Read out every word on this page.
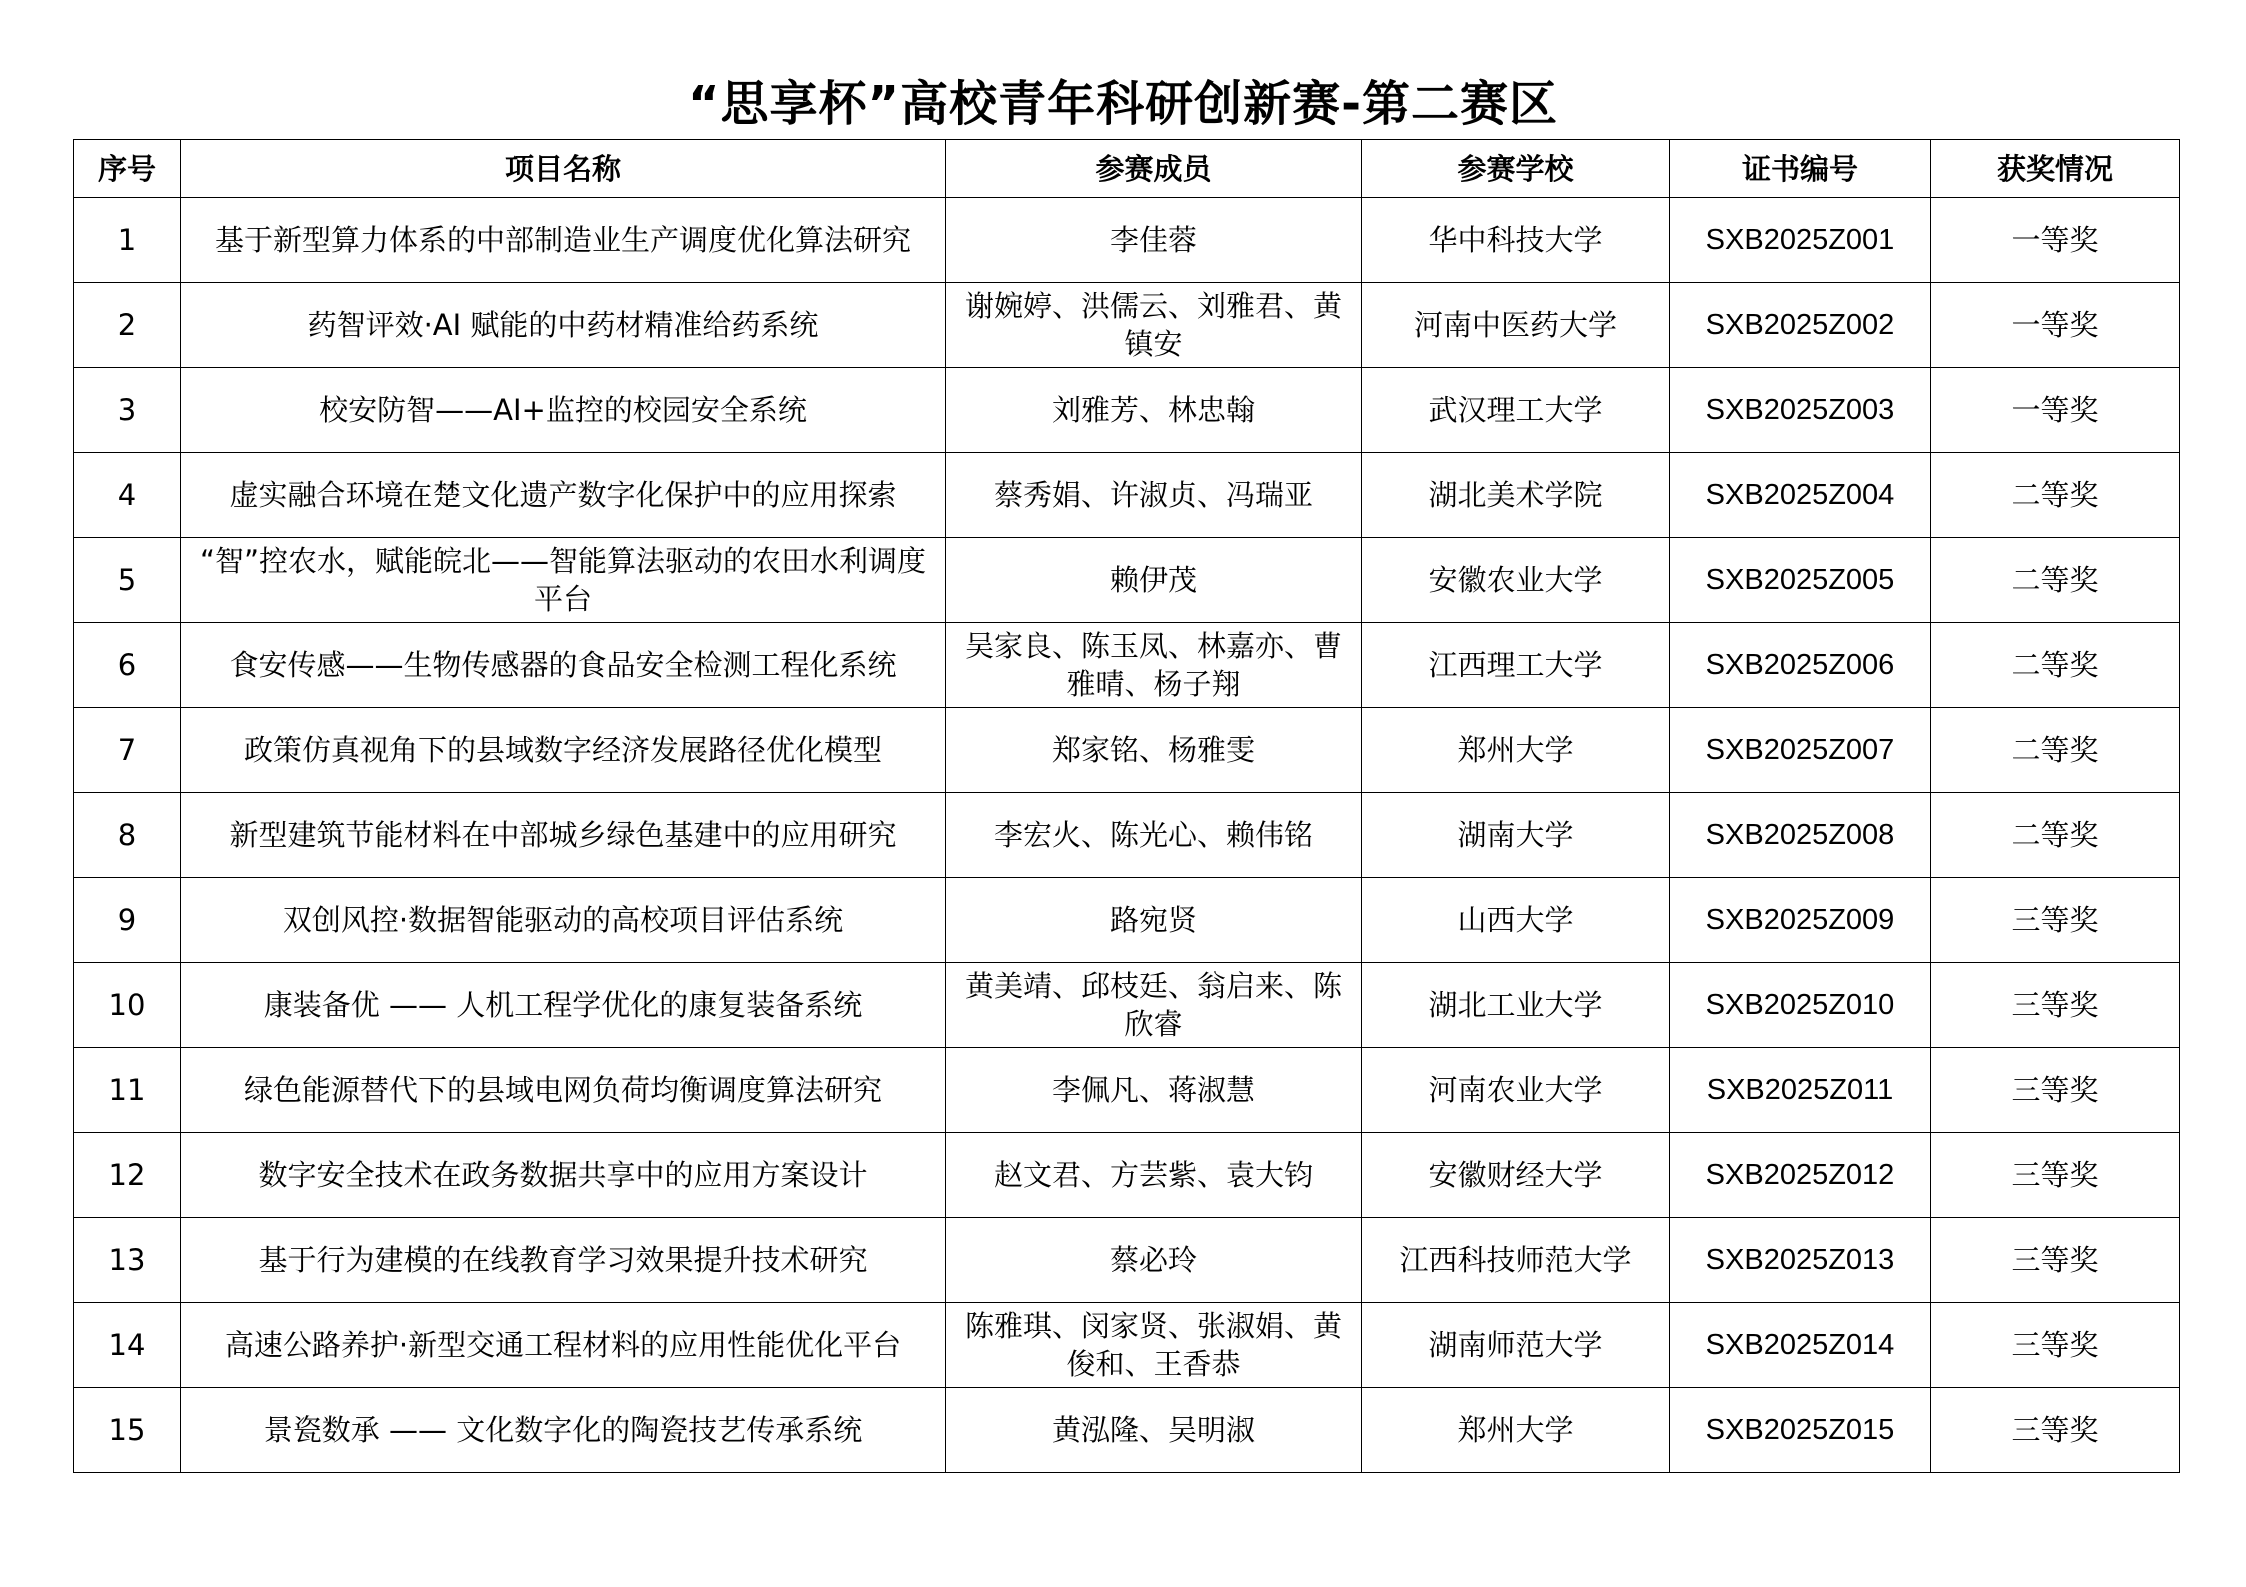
“思享杯”高校青年科研创新赛-第二赛区
序号	项目名称	参赛成员	参赛学校	证书编号	获奖情况
1	基于新型算力体系的中部制造业生产调度优化算法研究	李佳蓉	华中科技大学	SXB2025Z001	一等奖
2	药智评效·AI 赋能的中药材精准给药系统	谢婉婷、洪儒云、刘雅君、黄镇安	河南中医药大学	SXB2025Z002	一等奖
3	校安防智——AI+监控的校园安全系统	刘雅芳、林忠翰	武汉理工大学	SXB2025Z003	一等奖
4	虚实融合环境在楚文化遗产数字化保护中的应用探索	蔡秀娟、许淑贞、冯瑞亚	湖北美术学院	SXB2025Z004	二等奖
5	“智”控农水，赋能皖北——智能算法驱动的农田水利调度平台	赖伊茂	安徽农业大学	SXB2025Z005	二等奖
6	食安传感——生物传感器的食品安全检测工程化系统	吴家良、陈玉凤、林嘉亦、曹雅晴、杨子翔	江西理工大学	SXB2025Z006	二等奖
7	政策仿真视角下的县域数字经济发展路径优化模型	郑家铭、杨雅雯	郑州大学	SXB2025Z007	二等奖
8	新型建筑节能材料在中部城乡绿色基建中的应用研究	李宏火、陈光心、赖伟铭	湖南大学	SXB2025Z008	二等奖
9	双创风控·数据智能驱动的高校项目评估系统	路宛贤	山西大学	SXB2025Z009	三等奖
10	康装备优 —— 人机工程学优化的康复装备系统	黄美靖、邱枝廷、翁启来、陈欣睿	湖北工业大学	SXB2025Z010	三等奖
11	绿色能源替代下的县域电网负荷均衡调度算法研究	李佩凡、蒋淑慧	河南农业大学	SXB2025Z011	三等奖
12	数字安全技术在政务数据共享中的应用方案设计	赵文君、方芸紫、袁大钧	安徽财经大学	SXB2025Z012	三等奖
13	基于行为建模的在线教育学习效果提升技术研究	蔡必玲	江西科技师范大学	SXB2025Z013	三等奖
14	高速公路养护·新型交通工程材料的应用性能优化平台	陈雅琪、闵家贤、张淑娟、黄俊和、王香恭	湖南师范大学	SXB2025Z014	三等奖
15	景瓷数承 —— 文化数字化的陶瓷技艺传承系统	黄泓隆、吴明淑	郑州大学	SXB2025Z015	三等奖
